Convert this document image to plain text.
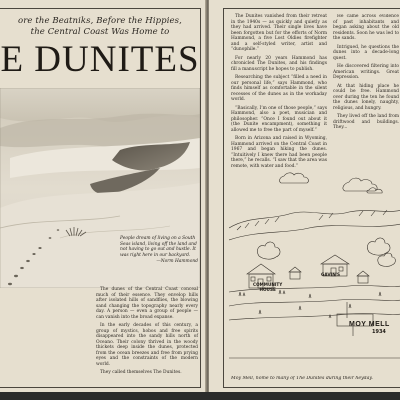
ore the Beatniks, Before the Hippies,
the Central Coast Was Home to
E DUNITES
People dream of living on a South Seas island, living off the land and not having to go out and hustle. It was right here in our backyard.
—Norm Hammond

The dunes of the Central Coast conceal much of their essence. They envelop hills after isolated hills of sandflies, the blowing sand changing the topography nearly every day. A person — even a group of people — can vanish into the broad expanse.

In the early decades of this century, a group of mystics, hobos and free spirits disappeared into the sandy hills north of Oceano. Their colony thrived in the woody thickets deep inside the dunes, protected from the ocean breezes and free from prying eyes and the constraints of the modern world.

They called themselves The Dunites.

The Dunites vanished from their retreat in the 1940s — as quickly and quietly as they had arrived. Their single lives have been forgotten but for the efforts of Norm Hammond, a five Lost Oldies firefighter and a self-styled writer, artist and “dunophile.”

For nearly 20 years Hammond has chronicled The Dunites, and his findings fill a manuscript he hopes to publish.

Researching the subject “filled a need in our personal life,” says Hammond, who finds himself as comfortable in the silent recesses of the dunes as in the workaday world.

“Basically, I’m one of those people,” says Hammond, also a poet, musician and philosopher. “Once I found out about it (the Dunite encampment), something it allowed me to free the part of myself.”

Born in Arizona and raised in Wyoming, Hammond arrived on the Central Coast in 1967 and began hiking the dunes. “Intuitively I knew there had been people there,” he recalls. “I saw that the area was remote, with water and food.”

He came across evidence of past inhabitants and began asking about the old residents. Soon he was led to the sands.

Intrigued, he questions the dunes into a decade-long quest.

He discovered filtering into American writings. Great Depression.

At that hiding place he could be free. Hammond over during the ten he found the dunes lonely, naughty, religious, and hungry.

They lived off the land from driftwood and buildings. They...

COMMUNITY
HOUSE
GAVIN'S
MOY MELL
1934
Moy Mell, home to many of The Dunites during their heyday.
